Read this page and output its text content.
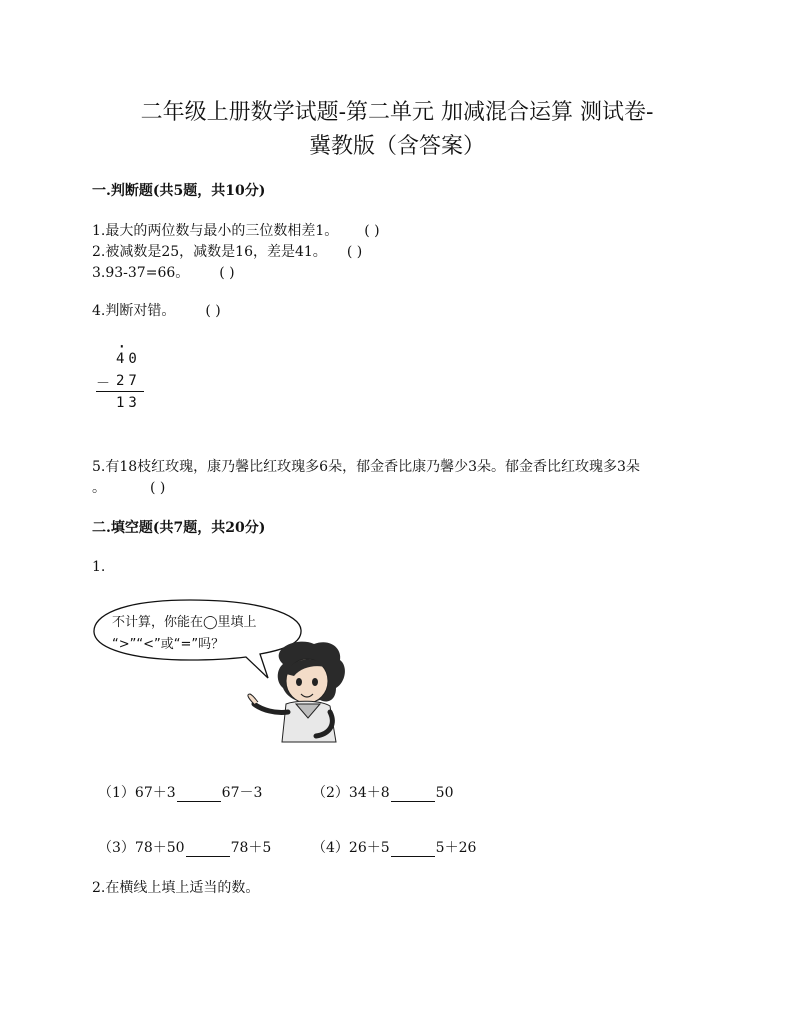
二年级上册数学试题-第二单元 加减混合运算 测试卷-
冀教版（含答案）
一.判断题(共5题，共10分)
1.最大的两位数与最小的三位数相差1。 ( )
2.被减数是25，减数是16，差是41。 ( )
3.93-37=66。 ( )
4.判断对错。 ( )
·
40
－ 27
13
5.有18枝红玫瑰，康乃馨比红玫瑰多6朵，郁金香比康乃馨少3朵。郁金香比红玫瑰多3朵
。	( )
二.填空题(共7题，共20分)
1.
不计算，你能在◯里填上
“>”“<”或“=”吗？
（1）67＋3	67－3	（2）34＋8	50
（3）78＋50	78＋5	（4）26＋5	5＋26
2.在横线上填上适当的数。
